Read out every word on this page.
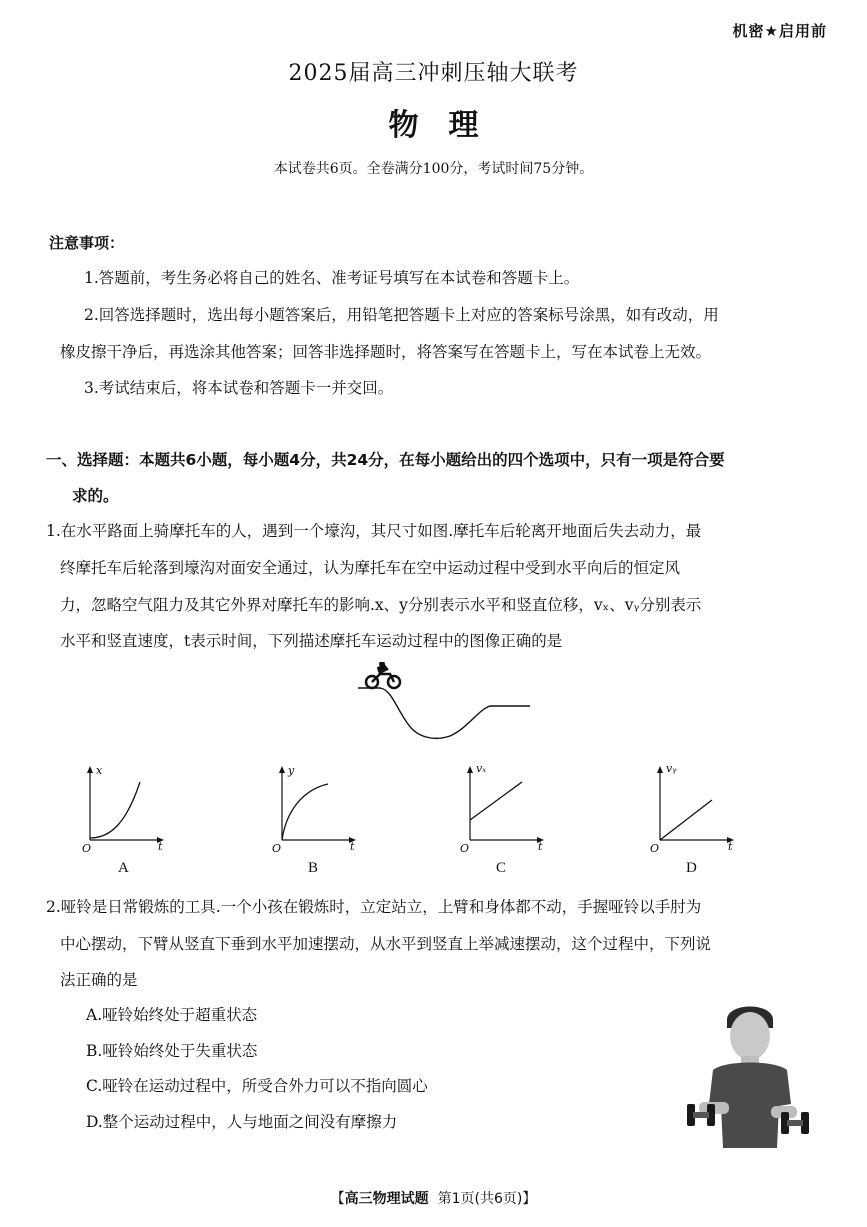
机密★启用前
2025届高三冲刺压轴大联考
物理
本试卷共6页。全卷满分100分，考试时间75分钟。
注意事项：
1.答题前，考生务必将自己的姓名、准考证号填写在本试卷和答题卡上。
2.回答选择题时，选出每小题答案后，用铅笔把答题卡上对应的答案标号涂黑，如有改动，用
橡皮擦干净后，再选涂其他答案；回答非选择题时，将答案写在答题卡上，写在本试卷上无效。
3.考试结束后，将本试卷和答题卡一并交回。
一、选择题：本题共6小题，每小题4分，共24分，在每小题给出的四个选项中，只有一项是符合要
求的。
1.在水平路面上骑摩托车的人，遇到一个壕沟，其尺寸如图.摩托车后轮离开地面后失去动力，最
终摩托车后轮落到壕沟对面安全通过，认为摩托车在空中运动过程中受到水平向后的恒定风
力，忽略空气阻力及其它外界对摩托车的影响.x、y分别表示水平和竖直位移，vₓ、vᵧ分别表示
水平和竖直速度，t表示时间，下列描述摩托车运动过程中的图像正确的是
x
t
O
A
y
t
O
B
vₓ
t
O
C
vᵧ
t
O
D
2.哑铃是日常锻炼的工具.一个小孩在锻炼时，立定站立，上臂和身体都不动，手握哑铃以手肘为
中心摆动，下臂从竖直下垂到水平加速摆动，从水平到竖直上举减速摆动，这个过程中，下列说
法正确的是
A.哑铃始终处于超重状态
B.哑铃始终处于失重状态
C.哑铃在运动过程中，所受合外力可以不指向圆心
D.整个运动过程中，人与地面之间没有摩擦力
【高三物理试题 第1页(共6页)】
